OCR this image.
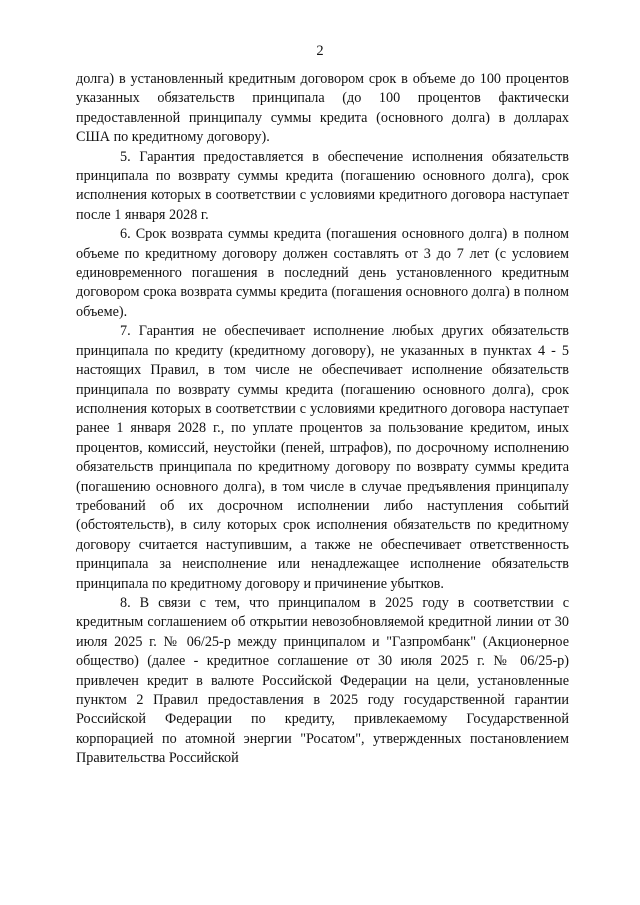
2

долга) в установленный кредитным договором срок в объеме до 100 процентов указанных обязательств принципала (до 100 процентов фактически предоставленной принципалу суммы кредита (основного долга) в долларах США по кредитному договору).

5. Гарантия предоставляется в обеспечение исполнения обязательств принципала по возврату суммы кредита (погашению основного долга), срок исполнения которых в соответствии с условиями кредитного договора наступает после 1 января 2028 г.

6. Срок возврата суммы кредита (погашения основного долга) в полном объеме по кредитному договору должен составлять от 3 до 7 лет (с условием единовременного погашения в последний день установленного кредитным договором срока возврата суммы кредита (погашения основного долга) в полном объеме).

7. Гарантия не обеспечивает исполнение любых других обязательств принципала по кредиту (кредитному договору), не указанных в пунктах 4 - 5 настоящих Правил, в том числе не обеспечивает исполнение обязательств принципала по возврату суммы кредита (погашению основного долга), срок исполнения которых в соответствии с условиями кредитного договора наступает ранее 1 января 2028 г., по уплате процентов за пользование кредитом, иных процентов, комиссий, неустойки (пеней, штрафов), по досрочному исполнению обязательств принципала по кредитному договору по возврату суммы кредита (погашению основного долга), в том числе в случае предъявления принципалу требований об их досрочном исполнении либо наступления событий (обстоятельств), в силу которых срок исполнения обязательств по кредитному договору считается наступившим, а также не обеспечивает ответственность принципала за неисполнение или ненадлежащее исполнение обязательств принципала по кредитному договору и причинение убытков.

8. В связи с тем, что принципалом в 2025 году в соответствии с кредитным соглашением об открытии невозобновляемой кредитной линии от 30 июля 2025 г. № 06/25-р между принципалом и "Газпромбанк" (Акционерное общество) (далее - кредитное соглашение от 30 июля 2025 г. № 06/25-р) привлечен кредит в валюте Российской Федерации на цели, установленные пунктом 2 Правил предоставления в 2025 году государственной гарантии Российской Федерации по кредиту, привлекаемому Государственной корпорацией по атомной энергии "Росатом", утвержденных постановлением Правительства Российской
